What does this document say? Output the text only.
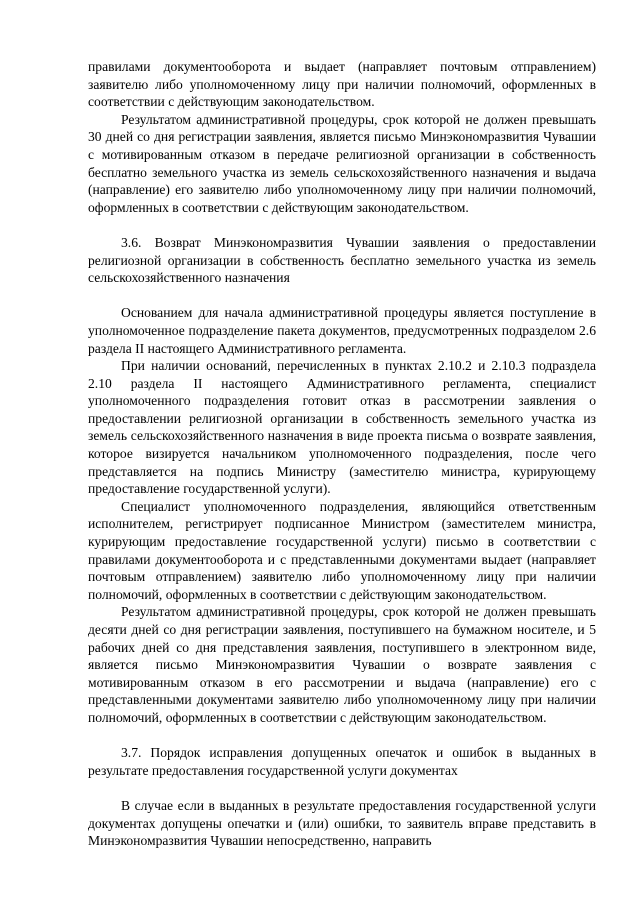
правилами документооборота и выдает (направляет почтовым отправлением) заявителю либо уполномоченному лицу при наличии полномочий, оформленных в соответствии с действующим законодательством.

Результатом административной процедуры, срок которой не должен превышать 30 дней со дня регистрации заявления, является письмо Минэкономразвития Чувашии с мотивированным отказом в передаче религиозной организации в собственность бесплатно земельного участка из земель сельскохозяйственного назначения и выдача (направление) его заявителю либо уполномоченному лицу при наличии полномочий, оформленных в соответствии с действующим законодательством.

3.6. Возврат Минэкономразвития Чувашии заявления о предоставлении религиозной организации в собственность бесплатно земельного участка из земель сельскохозяйственного назначения

Основанием для начала административной процедуры является поступление в уполномоченное подразделение пакета документов, предусмотренных подразделом 2.6 раздела II настоящего Административного регламента.

При наличии оснований, перечисленных в пунктах 2.10.2 и 2.10.3 подраздела 2.10 раздела II настоящего Административного регламента, специалист уполномоченного подразделения готовит отказ в рассмотрении заявления о предоставлении религиозной организации в собственность земельного участка из земель сельскохозяйственного назначения в виде проекта письма о возврате заявления, которое визируется начальником уполномоченного подразделения, после чего представляется на подпись Министру (заместителю министра, курирующему предоставление государственной услуги).

Специалист уполномоченного подразделения, являющийся ответственным исполнителем, регистрирует подписанное Министром (заместителем министра, курирующим предоставление государственной услуги) письмо в соответствии с правилами документооборота и с представленными документами выдает (направляет почтовым отправлением) заявителю либо уполномоченному лицу при наличии полномочий, оформленных в соответствии с действующим законодательством.

Результатом административной процедуры, срок которой не должен превышать десяти дней со дня регистрации заявления, поступившего на бумажном носителе, и 5 рабочих дней со дня представления заявления, поступившего в электронном виде, является письмо Минэкономразвития Чувашии о возврате заявления с мотивированным отказом в его рассмотрении и выдача (направление) его с представленными документами заявителю либо уполномоченному лицу при наличии полномочий, оформленных в соответствии с действующим законодательством.

3.7. Порядок исправления допущенных опечаток и ошибок в выданных в результате предоставления государственной услуги документах

В случае если в выданных в результате предоставления государственной услуги документах допущены опечатки и (или) ошибки, то заявитель вправе представить в Минэкономразвития Чувашии непосредственно, направить
